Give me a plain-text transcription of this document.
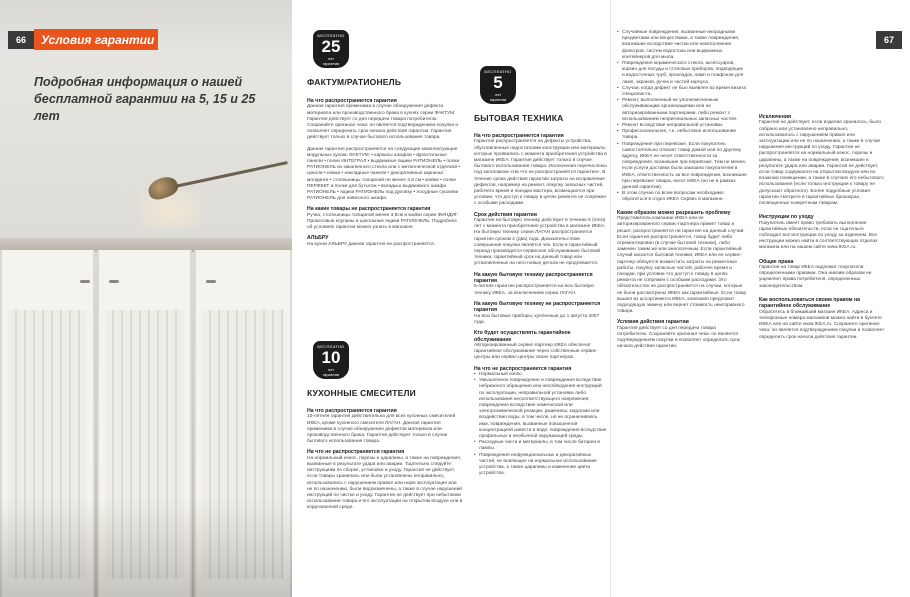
66	Условия гарантии
Подробная информация о нашей бесплатной гарантии на 5, 15 и 25 лет
БЕСПЛАТНО
25
лет
гарантии
ФАКТУМ/РАТИОНЕЛЬ
На что распространяется гарантия

Данная гарантия применима в случае обнаружения дефекта материала или производственного брака в кухнях серии ФАКТУМ. Гарантия действует со дня передачи товара потребителю. Сохраняйте оригинал чека: он является подтверждением покупки и позволяет определить срок начала действия гарантии. Гарантия действует только в случае бытового использования товара.

Данная гарантия распространяется на следующие комплектующие модульных кухонь ФАКТУМ: • каркасы шкафов • фронтальные панели • полки ИНТЕГРАЛ • выдвижные ящики РАТИОНЕЛЬ • полки РАТИОНЕЛЬ из закаленного стекла или с металлической отделкой • цоколи • ножки • накладные панели • декоративные карнизы/молдинги • столешницы толщиной не менее 3,8 см • мойки • полки ПЕРФЕКТ и полки для бутылок • вкладыш выдвижного шкафа РАТИОНЕЛЬ • ящики РАТИОНЕЛЬ под духовку • посудные сушилки РАТИОНЕЛЬ для навесного шкафа.

На какие товары не распространяется гарантия

Ручка, столешницы толщиной менее 3,8см и мойки серии ФИНДИГ. Прокосовые клупаны и цокольные ящики РАТИОНЕЛЬ. Подробнее об условиях гарантии можно узнать в магазине.

АЛЬБРУ

На кухни АЛЬБРУ данная гарантия не распространяется.

БЕСПЛАТНО
10
лет
гарантии
КУХОННЫЕ СМЕСИТЕЛИ
На что распространяется гарантия

10-летняя гарантия действительна для всех кухонных смесителей ИКЕА, кроме кухонного смесителя ЛАГАН. Данная гарантия применима в случае обнаружения дефектов материала или производственного брака. Гарантия действует только в случае бытового использования товара.

На что не распространяется гарантия

На нормальный износ, порезы и царапины, а также на повреждения, вызванные в результате удара или аварии. Тщательно следуйте инструкциям по сборке, установке и уходу. Гарантия не действует, если товары хранились или были установлены неправильно, использовались с нарушением правил или норм эксплуатации или не по назначению, были видоизменены, а также в случае нарушений инструкций по чистке и уходу. Гарантия не действует при небытовом использовании товара и его эксплуатации на открытом воздухе или в коррозионной среде.

БЕСПЛАТНО
5
лет
гарантии
БЫТОВАЯ ТЕХНИКА
На что распространяется гарантия

Гарантия распространяется на дефекты устройства, обусловленные недостатками конструкции или материала, которые проявились с момента приобретения устройства в магазине ИКЕА. Гарантия действует только в случае бытового использования товара. Исключения перечислены под заголовком «На что не распространяется гарантия». В течение срока действия гарантии затраты на исправление дефектов, например на ремонт, покупку запасных частей, рабочего время и поездки мастера, возмещаются при условии, что доступ к товару в целях ремонта не сопряжен с особыми расходами.

Срок действия гарантии

Гарантия на бытовую технику действует в течение 5 (пяти) лет с момента приобретения устройства в магазине ИКЕА. На бытовую технику серии ЛАГАН распространяется гарантия сроком 2 (два) года. Доказательством совершения покупки является чек. Если в гарантийный период производится сервисное обслуживание бытовой техники, гарантийный срок на данный товар или установленные на него новые детали не продлевается.

На какую бытовую технику распространяется гарантия

5-летняя гарантия распространяется на всю бытовую технику ИКЕА, за исключением серии ЛАГАН.

На какую бытовую технику не распространяется гарантия

На всю бытовые приборы, купленные до 1 августа 2007 года.

Кто будет осуществлять гарантийное обслуживание

Авторизированный сервис-партнер ИКЕА обеспечат гарантийное обслуживание через собственные сервис-центры или сервис-центры своих партнеров.

На что не распространяется гарантия
• Нормальный износ.
• Умышленное повреждение и повреждения вследствие небрежного обращения или несоблюдения инструкций по эксплуатации, неправильной установки либо использования несоответствующего напряжения; повреждения вследствие химической или электрохимической реакции, ржавчины, коррозии или воздействия воды, в том числе, но не ограничиваясь ими, повреждения, вызванные повышенной концентрацией извести в воде; повреждения вследствие профильных и необычной окружающей среды.
• Расходные части и материалы, в том числе батареи и лампы.
• Повреждения нефункциональных и декоративных частей, не влияющие на нормальное использование устройства, а также царапины и изменение цвета устройства.
• Случайные повреждения, вызванные инородными предметами или веществами, а также повреждения, возникшие вследствие чистки или неисполнения фильтров, систем водостока или выдвижных контейнеров для мыла.
• Повреждения керамического стекла, аксессуаров, корзин для посуды и столовых приборов, подводящих и водосточных труб, прокладок, ламп и плафонов для ламп, экранов, ручек и частей корпуса.
• Случаи, когда дефект не был выявлен во время визита специалиста.
• Ремонт, выполненный не уполномоченным обслуживающим организациями или не авторизированными партнерами, либо ремонт с использованием неоригинальных запасных частей.
• Ремонт вследствие неправильной установки.
• Профессиональное, т.е. небытовое использование товара.
• Повреждение при перевозке. Если покупатель самостоятельно отвозит товар домой или по другому адресу, ИКЕА не несет ответственности за повреждения, возникшие при перевозке. Тем не менее, если услуги доставки была заказана покупателем в ИКЕА, ответственность за все повреждения, возникшие при перевозке товара, несет ИКЕА (но не в рамках данной гарантии).
• В этом случае по всем вопросам необходимо обратиться в отдел ИКЕА Сервис в магазине.
Каким образом можно разрешить проблему

Представитель компании ИКЕА или ее авторизированного сервис-партнера примет товар и решит, распространяется ли гарантия на данный случай. Если гарантия распространяется, товар будет либо отремонтирован (в случае бытовой техники), либо заменен таким же или аналогичным. Если гарантийный случай касается бытовой техники, ИКЕА или ее сервис-партнер обязуется возместить затраты на ремонтные работы, покупку запасных частей, рабочее время и поездки, при условии что доступ к товару в целях ремонта не сопряжен с особыми расходами. Это обязательство не распространяется на случаи, которые не были рассмотрены ИКЕА как гарантийные. Если товар вышел из ассортимента ИКЕА, компания предложит подходящую замену или вернет стоимость неисправного товара.

Условия действия гарантии

Гарантия действует со дня передачи товара потребителю. Сохраняйте оригинал чека: он является подтверждением покупки и позволяет определить срок начала действия гарантии.

67
Исключения

Гарантия не действует, если изделие хранилось, было собрано или установлено неправильно, использовалось с нарушением правил или эксплуатации или не по назначению, а также в случае нарушения инструкций по уходу. Гарантия не распространяется на нормальный износ, порезы и царапины, а также на повреждения, возникшие в результате удара или аварии. Гарантия не действует, если товар содержался на открытом воздухе или во влажном помещении, а также в случаях его небытового использования (если только инструкции к товару не допускают обратного). Более подробные условия гарантии смотрите в гарантийных брошюрах, посвященных конкретным товарам.

Инструкции по уходу

Покупатель имеет право требовать выполнения гарантийных обязательств, если он тщательно соблюдал все инструкции по уходу за изделием. Все инструкции можно найти в соответствующих отделах магазина или на нашем сайте www.IKEA.ru.

Общие права

Гарантия на товар ИКЕА надлежит покупатели определенными правами. Она никоим образом не ущемляет права потребителя, определенных законодательством.

Как воспользоваться своим правом на гарантийное обслуживание

Обратитесь в ближайший магазин ИКЕА. Адреса и телефонные номера магазинов можно найти в буклете ИКЕА или на сайте www.IKEA.ru. Сохраните оригинал чека: он является подтверждением покупки и позволяет определить срок начала действия гарантии.
